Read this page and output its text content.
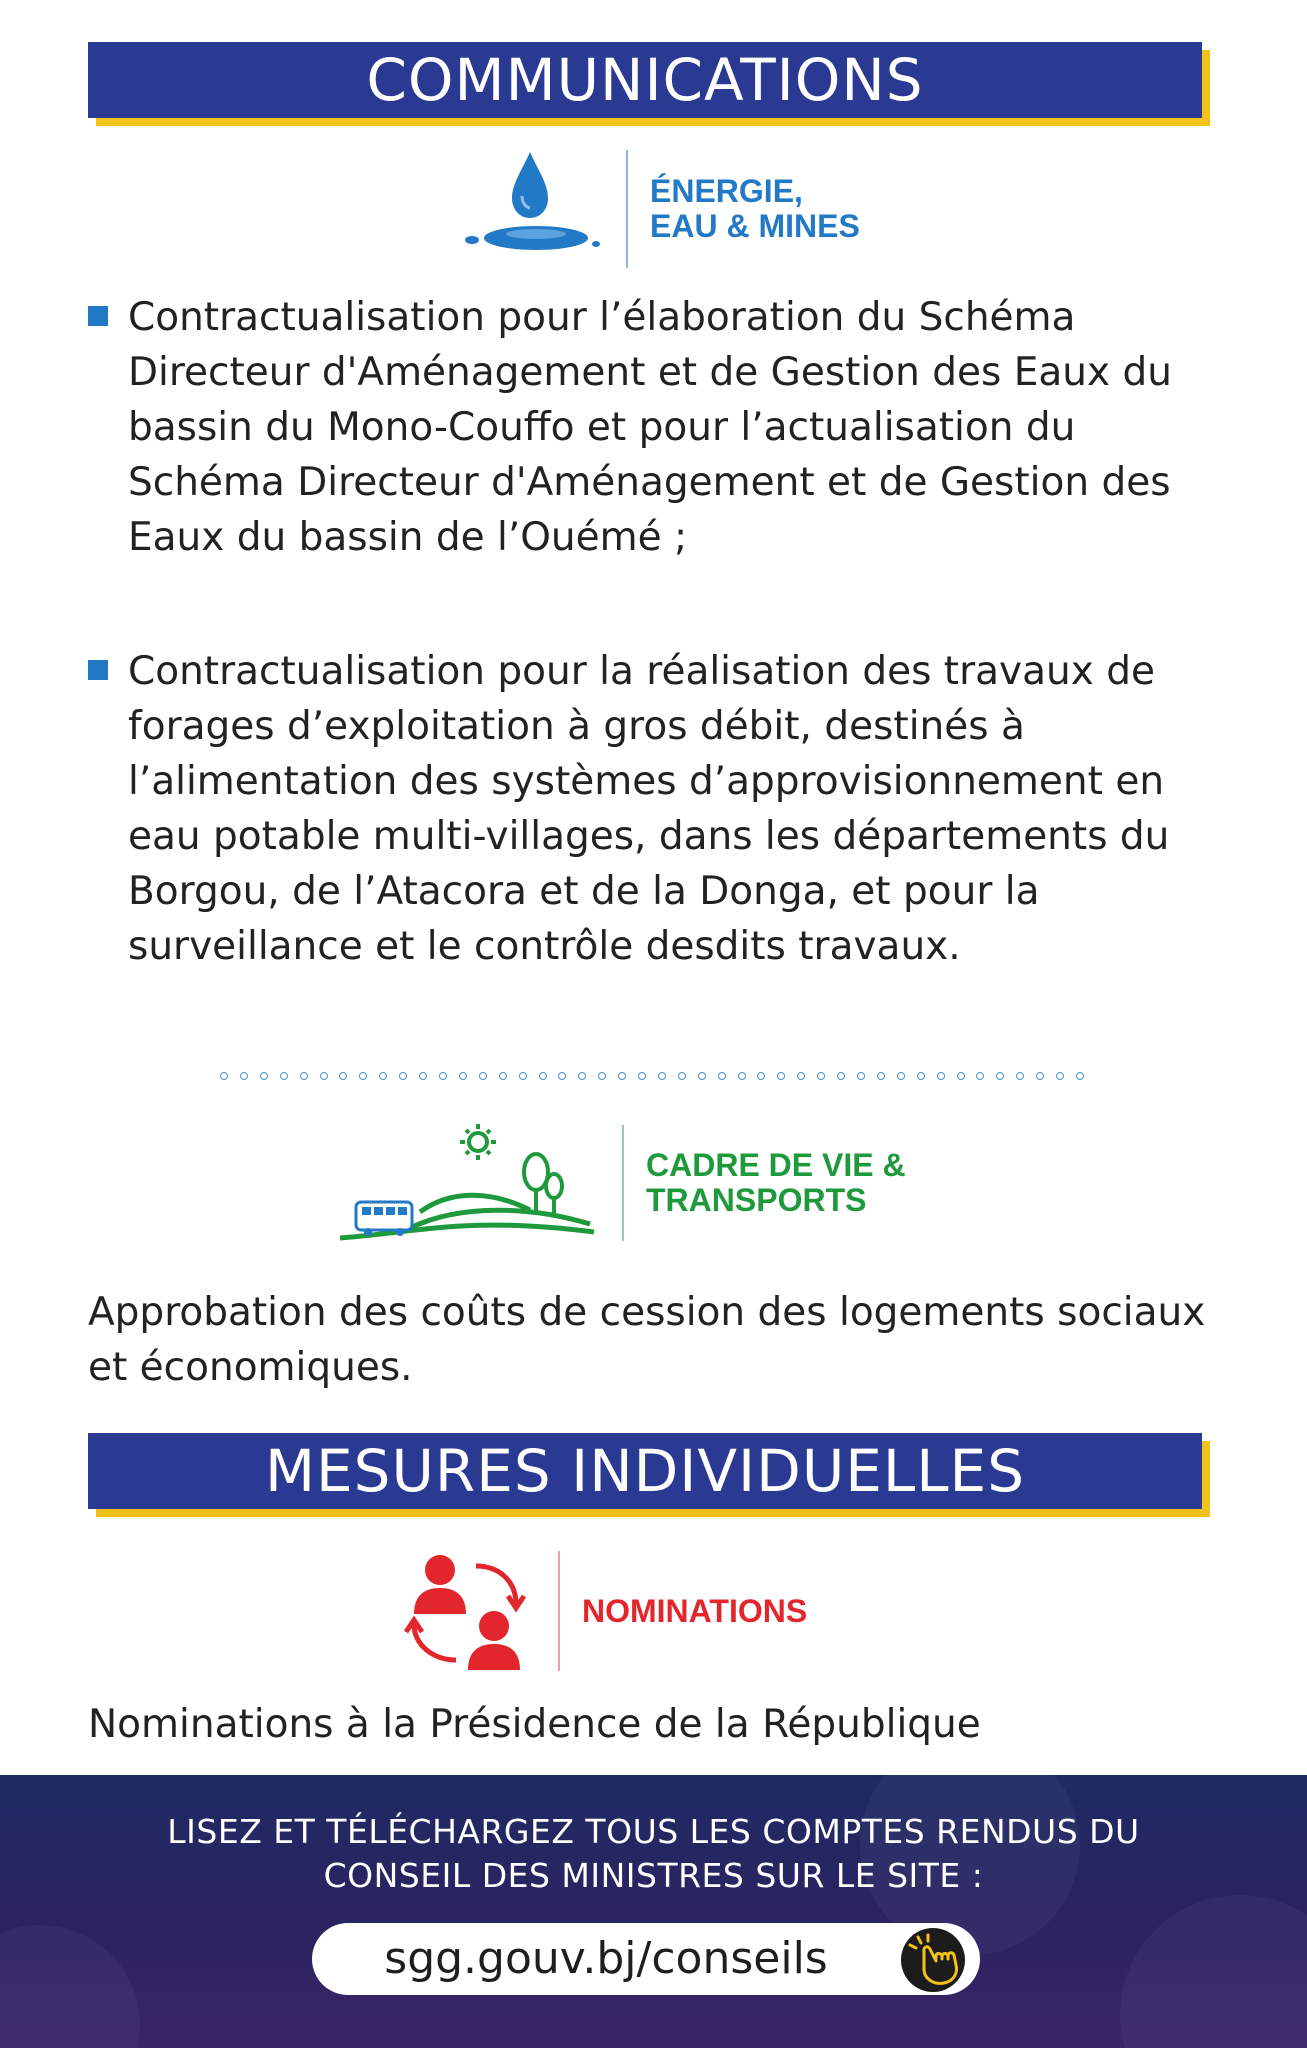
COMMUNICATIONS
ÉNERGIE,
EAU & MINES
Contractualisation pour l’élaboration du Schéma Directeur d'Aménagement et de Gestion des Eaux du bassin du Mono-Couffo et pour l’actualisation du Schéma Directeur d'Aménagement et de Gestion des Eaux du bassin de l’Ouémé ;
Contractualisation pour la réalisation des travaux de forages d’exploitation à gros débit, destinés à l’alimentation des systèmes d’approvisionnement en eau potable multi-villages, dans les départements du Borgou, de l’Atacora et de la Donga, et pour la surveillance et le contrôle desdits travaux.
CADRE DE VIE &
TRANSPORTS
Approbation des coûts de cession des logements sociaux et économiques.
MESURES INDIVIDUELLES
NOMINATIONS
Nominations à la Présidence de la République
LISEZ ET TÉLÉCHARGEZ TOUS LES COMPTES RENDUS DU
CONSEIL DES MINISTRES SUR LE SITE :
sgg.gouv.bj/conseils
